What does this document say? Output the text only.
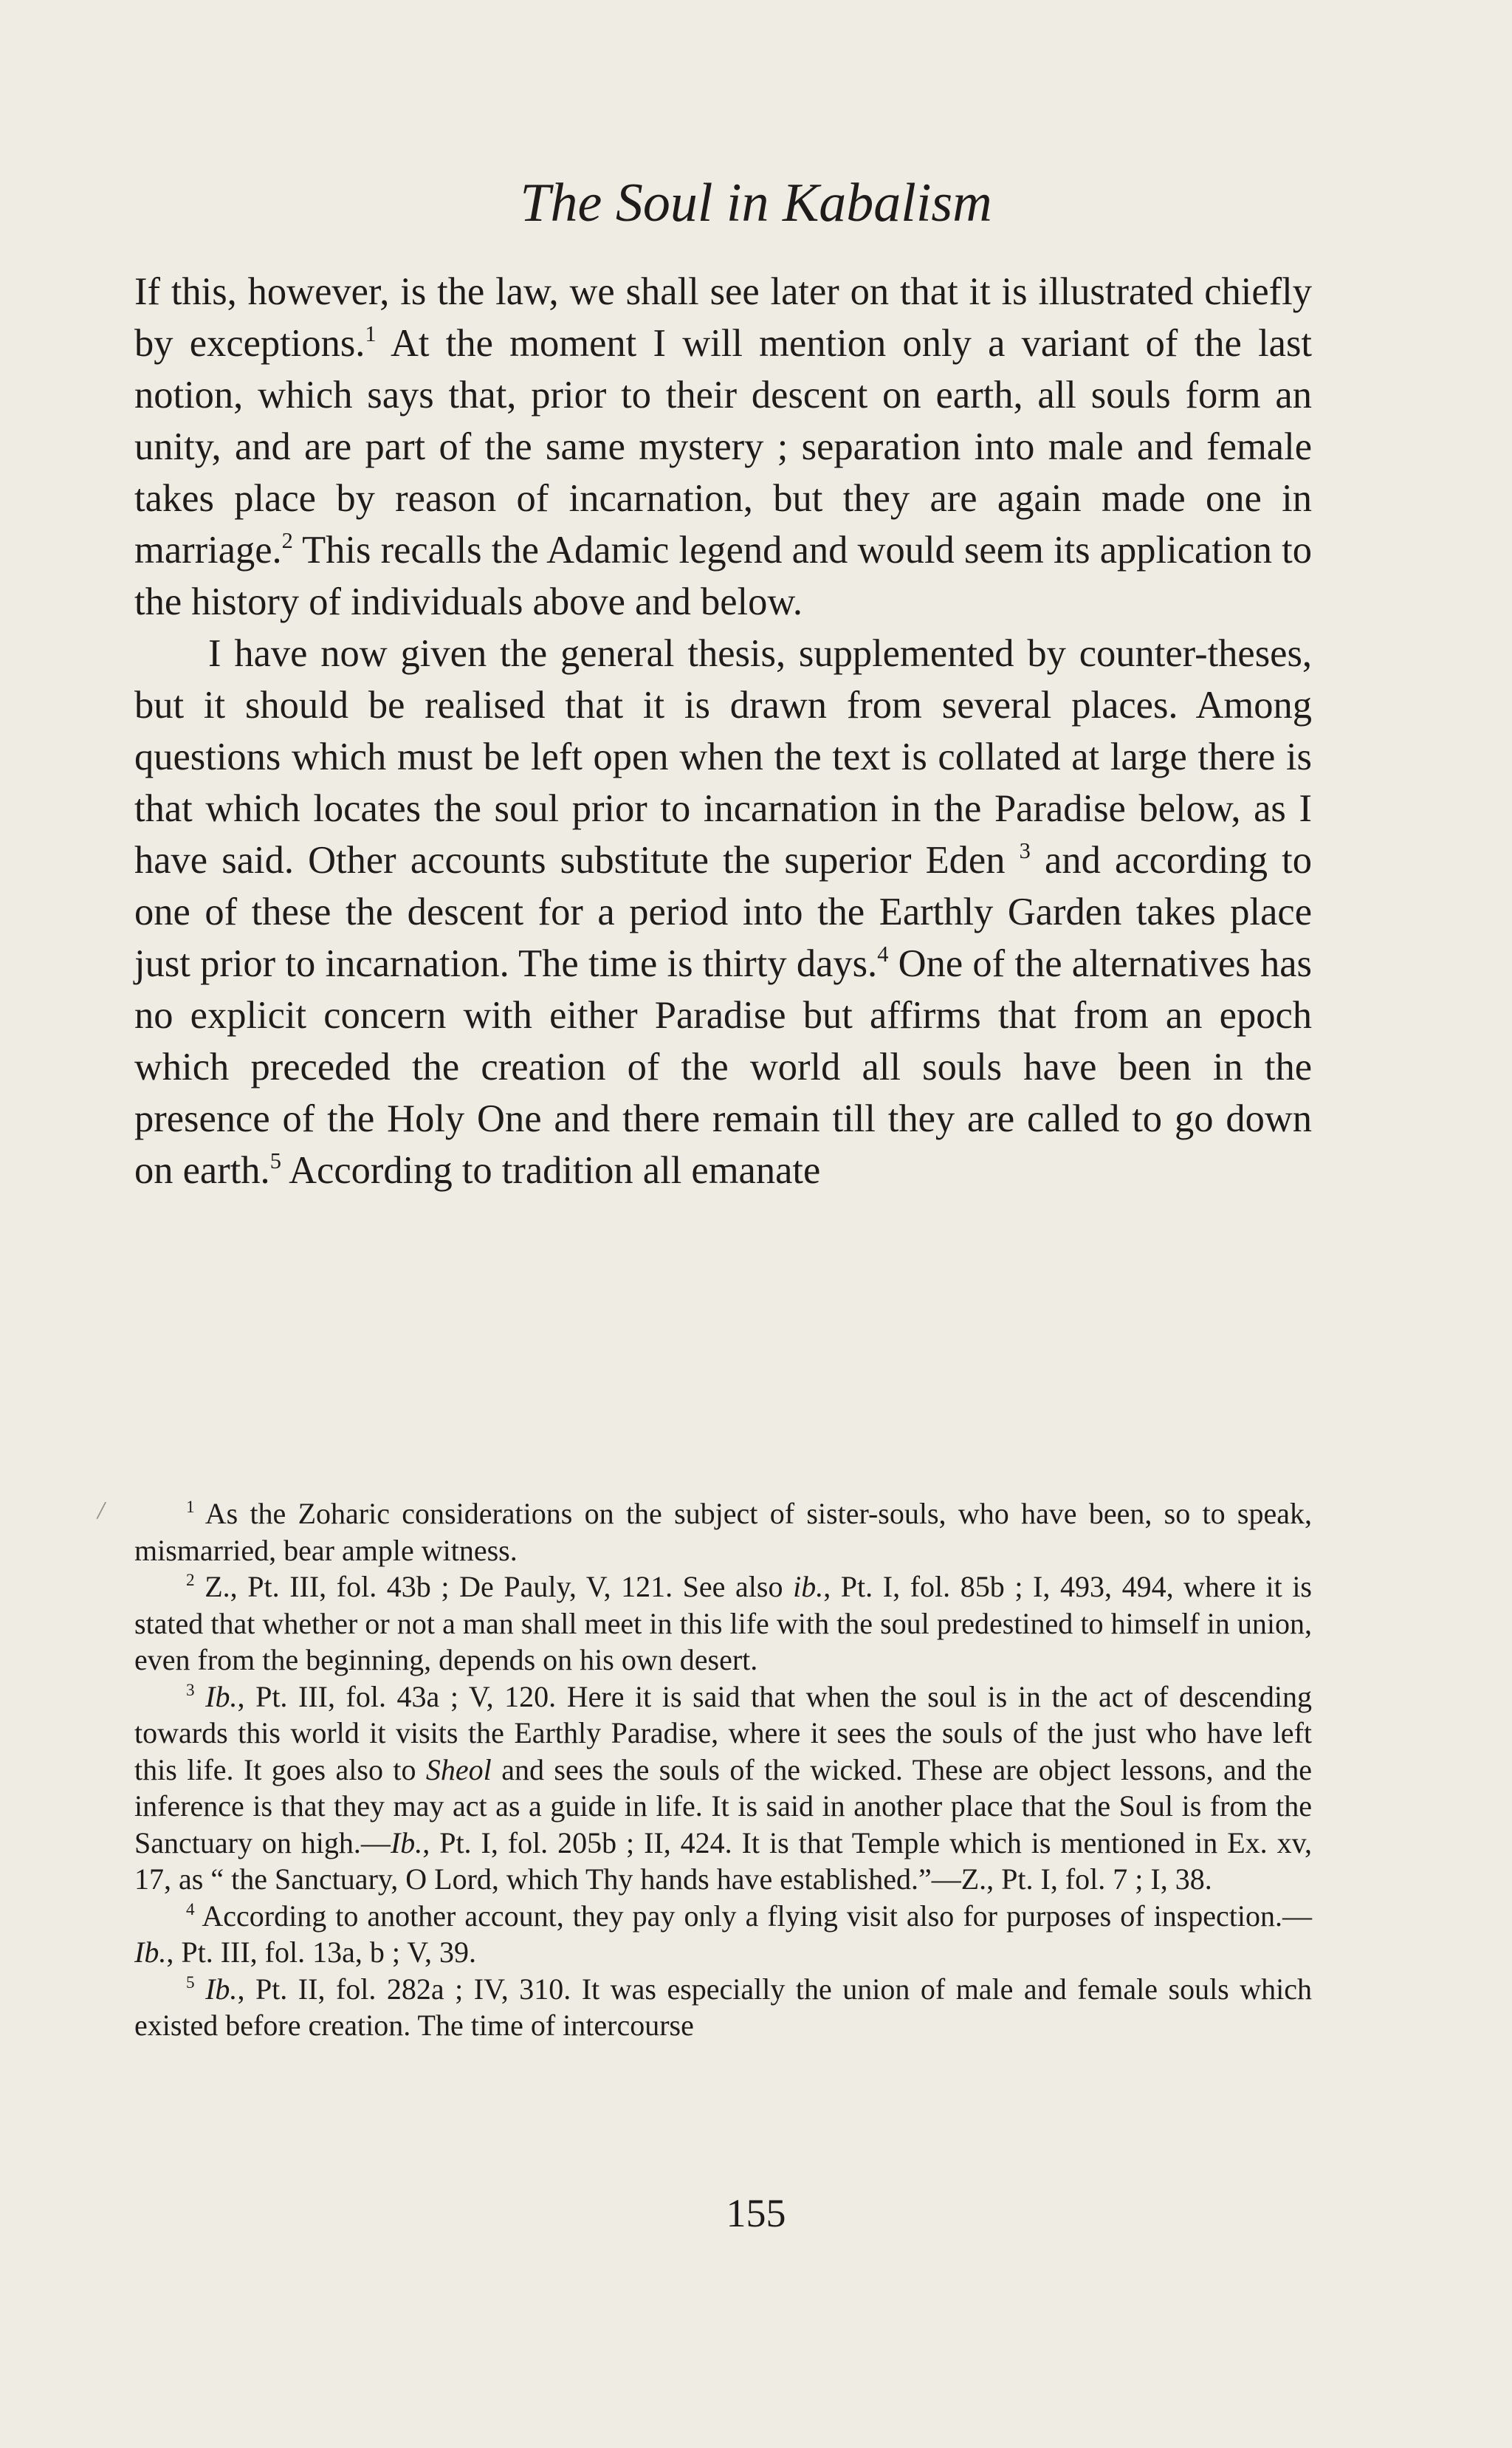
The Soul in Kabalism

If this, however, is the law, we shall see later on that it is illustrated chiefly by exceptions.$^1$ At the moment I will mention only a variant of the last notion, which says that, prior to their descent on earth, all souls form an unity, and are part of the same mystery ; separation into male and female takes place by reason of incarnation, but they are again made one in marriage.$^2$ This recalls the Adamic legend and would seem its application to the history of individuals above and below.

I have now given the general thesis, supplemented by counter-theses, but it should be realised that it is drawn from several places. Among questions which must be left open when the text is collated at large there is that which locates the soul prior to incarnation in the Paradise below, as I have said. Other accounts substitute the superior Eden $^3$ and according to one of these the descent for a period into the Earthly Garden takes place just prior to incarnation. The time is thirty days.$^4$ One of the alternatives has no explicit concern with either Paradise but affirms that from an epoch which preceded the creation of the world all souls have been in the presence of the Holy One and there remain till they are called to go down on earth.$^5$ According to tradition all emanate

/	$^1$ As the Zoharic considerations on the subject of sister-souls, who have been, so to speak, mismarried, bear ample witness.

$^2$ Z., Pt. III, fol. 43b ; De Pauly, V, 121. See also ib., Pt. I, fol. 85b ; I, 493, 494, where it is stated that whether or not a man shall meet in this life with the soul predestined to himself in union, even from the beginning, depends on his own desert.

$^3$ Ib., Pt. III, fol. 43a ; V, 120. Here it is said that when the soul is in the act of descending towards this world it visits the Earthly Paradise, where it sees the souls of the just who have left this life. It goes also to Sheol and sees the souls of the wicked. These are object lessons, and the inference is that they may act as a guide in life. It is said in another place that the Soul is from the Sanctuary on high.—Ib., Pt. I, fol. 205b ; II, 424. It is that Temple which is mentioned in Ex. xv, 17, as “ the Sanctuary, O Lord, which Thy hands have established.”—Z., Pt. I, fol. 7 ; I, 38.

$^4$ According to another account, they pay only a flying visit also for purposes of inspection.—Ib., Pt. III, fol. 13a, b ; V, 39.

$^5$ Ib., Pt. II, fol. 282a ; IV, 310. It was especially the union of male and female souls which existed before creation. The time of intercourse

155
